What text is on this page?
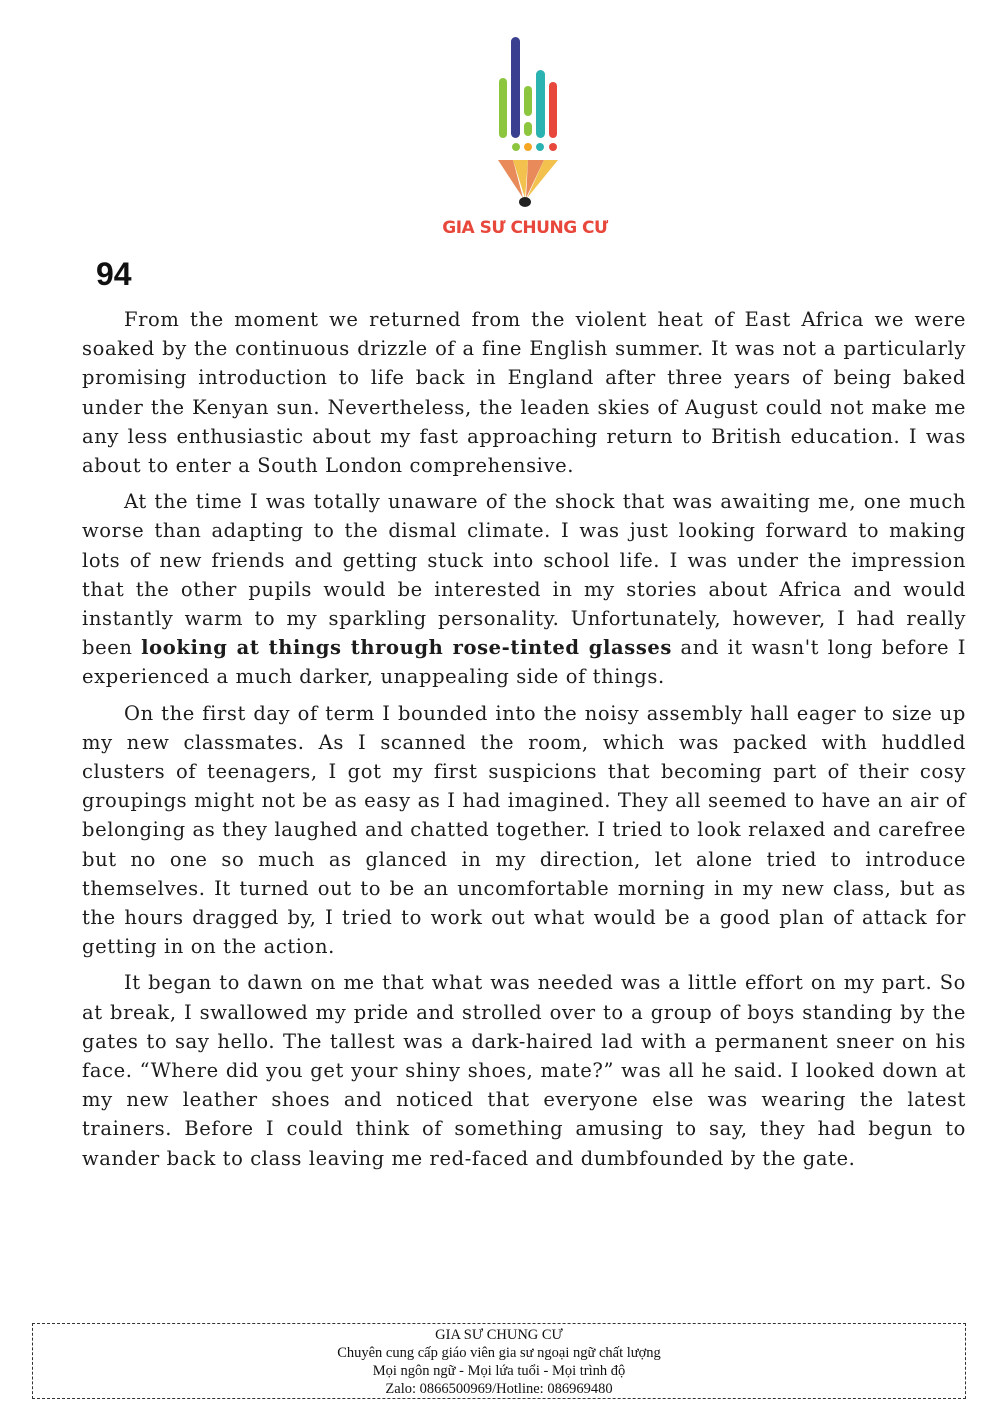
GIA SƯ CHUNG CƯ
94

From the moment we returned from the violent heat of East Africa we were soaked by the continuous drizzle of a fine English summer. It was not a particularly promising introduction to life back in England after three years of being baked under the Kenyan sun. Nevertheless, the leaden skies of August could not make me any less enthusiastic about my fast approaching return to British education. I was about to enter a South London comprehensive.

At the time I was totally unaware of the shock that was awaiting me, one much worse than adapting to the dismal climate. I was just looking forward to making lots of new friends and getting stuck into school life. I was under the impression that the other pupils would be interested in my stories about Africa and would instantly warm to my sparkling personality. Unfortunately, however, I had really been looking at things through rose-tinted glasses and it wasn't long before I experienced a much darker, unappealing side of things.

On the first day of term I bounded into the noisy assembly hall eager to size up my new classmates. As I scanned the room, which was packed with huddled clusters of teenagers, I got my first suspicions that becoming part of their cosy groupings might not be as easy as I had imagined. They all seemed to have an air of belonging as they laughed and chatted together. I tried to look relaxed and carefree but no one so much as glanced in my direction, let alone tried to introduce themselves. It turned out to be an uncomfortable morning in my new class, but as the hours dragged by, I tried to work out what would be a good plan of attack for getting in on the action.

It began to dawn on me that what was needed was a little effort on my part. So at break, I swallowed my pride and strolled over to a group of boys standing by the gates to say hello. The tallest was a dark-haired lad with a permanent sneer on his face. “Where did you get your shiny shoes, mate?” was all he said. I looked down at my new leather shoes and noticed that everyone else was wearing the latest trainers. Before I could think of something amusing to say, they had begun to wander back to class leaving me red-faced and dumbfounded by the gate.

GIA SƯ CHUNG CƯ
Chuyên cung cấp giáo viên gia sư ngoại ngữ chất lượng
Mọi ngôn ngữ - Mọi lứa tuổi - Mọi trình độ
Zalo: 0866500969/Hotline: 086969480
